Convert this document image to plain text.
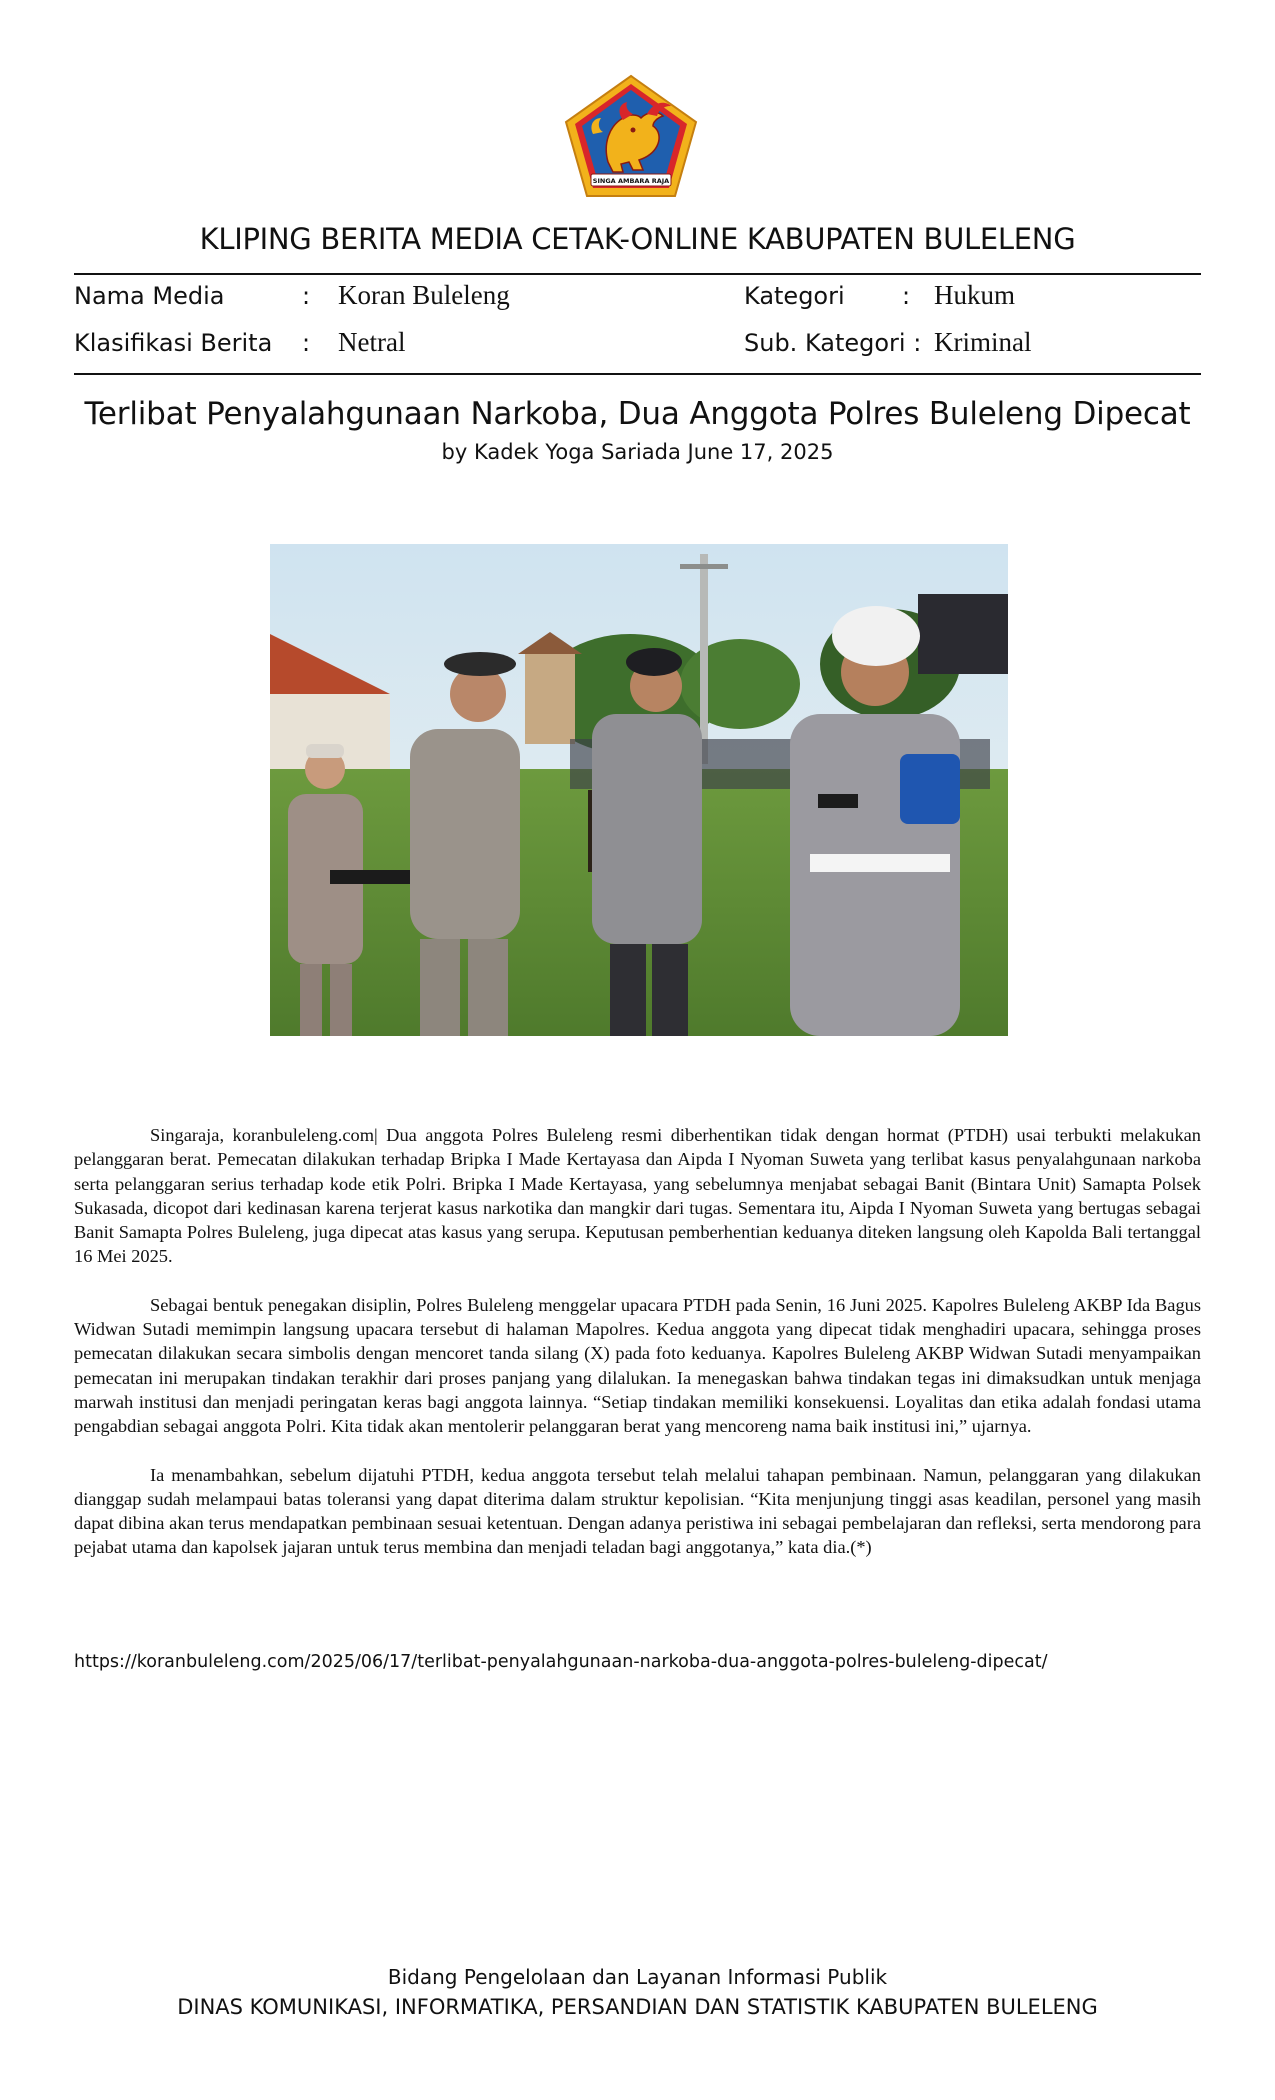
SINGA AMBARA RAJA
KLIPING BERITA MEDIA CETAK-ONLINE KABUPATEN BULELENG
Nama Media	: Koran Buleleng	Kategori : Hukum
Klasifikasi Berita : Netral	Sub. Kategori : Kriminal
Terlibat Penyalahgunaan Narkoba, Dua Anggota Polres Buleleng Dipecat
by Kadek Yoga Sariada June 17, 2025

Singaraja, koranbuleleng.com| Dua anggota Polres Buleleng resmi diberhentikan tidak dengan hormat (PTDH) usai terbukti melakukan pelanggaran berat. Pemecatan dilakukan terhadap Bripka I Made Kertayasa dan Aipda I Nyoman Suweta yang terlibat kasus penyalahgunaan narkoba serta pelanggaran serius terhadap kode etik Polri. Bripka I Made Kertayasa, yang sebelumnya menjabat sebagai Banit (Bintara Unit) Samapta Polsek Sukasada, dicopot dari kedinasan karena terjerat kasus narkotika dan mangkir dari tugas. Sementara itu, Aipda I Nyoman Suweta yang bertugas sebagai Banit Samapta Polres Buleleng, juga dipecat atas kasus yang serupa. Keputusan pemberhentian keduanya diteken langsung oleh Kapolda Bali tertanggal 16 Mei 2025.

Sebagai bentuk penegakan disiplin, Polres Buleleng menggelar upacara PTDH pada Senin, 16 Juni 2025. Kapolres Buleleng AKBP Ida Bagus Widwan Sutadi memimpin langsung upacara tersebut di halaman Mapolres. Kedua anggota yang dipecat tidak menghadiri upacara, sehingga proses pemecatan dilakukan secara simbolis dengan mencoret tanda silang (X) pada foto keduanya. Kapolres Buleleng AKBP Widwan Sutadi menyampaikan pemecatan ini merupakan tindakan terakhir dari proses panjang yang dilalukan. Ia menegaskan bahwa tindakan tegas ini dimaksudkan untuk menjaga marwah institusi dan menjadi peringatan keras bagi anggota lainnya. “Setiap tindakan memiliki konsekuensi. Loyalitas dan etika adalah fondasi utama pengabdian sebagai anggota Polri. Kita tidak akan mentolerir pelanggaran berat yang mencoreng nama baik institusi ini,” ujarnya.

Ia menambahkan, sebelum dijatuhi PTDH, kedua anggota tersebut telah melalui tahapan pembinaan. Namun, pelanggaran yang dilakukan dianggap sudah melampaui batas toleransi yang dapat diterima dalam struktur kepolisian. “Kita menjunjung tinggi asas keadilan, personel yang masih dapat dibina akan terus mendapatkan pembinaan sesuai ketentuan. Dengan adanya peristiwa ini sebagai pembelajaran dan refleksi, serta mendorong para pejabat utama dan kapolsek jajaran untuk terus membina dan menjadi teladan bagi anggotanya,” kata dia.(*)

https://koranbuleleng.com/2025/06/17/terlibat-penyalahgunaan-narkoba-dua-anggota-polres-buleleng-dipecat/
Bidang Pengelolaan dan Layanan Informasi Publik
DINAS KOMUNIKASI, INFORMATIKA, PERSANDIAN DAN STATISTIK KABUPATEN BULELENG
